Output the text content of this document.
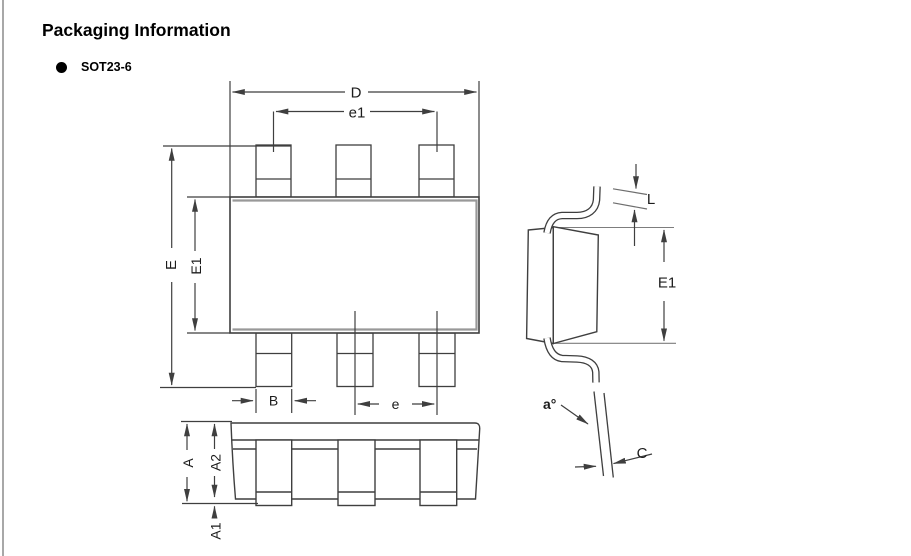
Packaging Information
SOT23-6
D
e1
E E1
B	e
A A2
A1
L
E1
a°
C
